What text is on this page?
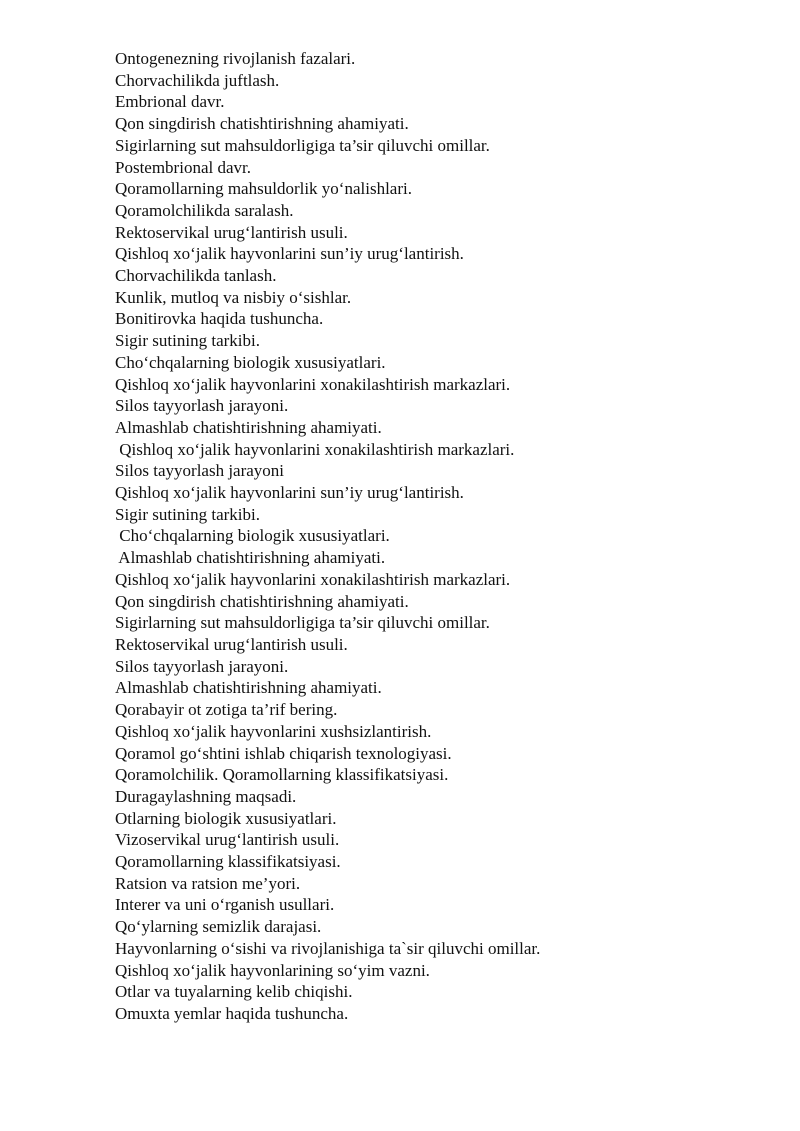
Ontogenezning rivojlanish fazalari.
Chorvachilikda juftlash.
Embrional davr.
Qon singdirish chatishtirishning ahamiyati.
Sigirlarning sut mahsuldorligiga ta’sir qiluvchi omillar.
Postembrional davr.
Qoramollarning mahsuldorlik yo‘nalishlari.
Qoramolchilikda saralash.
Rektoservikal urug‘lantirish usuli.
Qishloq xo‘jalik hayvonlarini sun’iy urug‘lantirish.
Chorvachilikda tanlash.
Kunlik, mutloq va nisbiy o‘sishlar.
Bonitirovka haqida tushuncha.
Sigir sutining tarkibi.
Cho‘chqalarning biologik xususiyatlari.
Qishloq xo‘jalik hayvonlarini xonakilashtirish markazlari.
Silos tayyorlash jarayoni.
Almashlab chatishtirishning ahamiyati.
Qishloq xo‘jalik hayvonlarini xonakilashtirish markazlari.
Silos tayyorlash jarayoni
Qishloq xo‘jalik hayvonlarini sun’iy urug‘lantirish.
Sigir sutining tarkibi.
Cho‘chqalarning biologik xususiyatlari.
Almashlab chatishtirishning ahamiyati.
Qishloq xo‘jalik hayvonlarini xonakilashtirish markazlari.
Qon singdirish chatishtirishning ahamiyati.
Sigirlarning sut mahsuldorligiga ta’sir qiluvchi omillar.
Rektoservikal urug‘lantirish usuli.
Silos tayyorlash jarayoni.
Almashlab chatishtirishning ahamiyati.
Qorabayir ot zotiga ta’rif bering.
Qishloq xo‘jalik hayvonlarini xushsizlantirish.
Qoramol go‘shtini ishlab chiqarish texnologiyasi.
Qoramolchilik. Qoramollarning klassifikatsiyasi.
Duragaylashning maqsadi.
Otlarning biologik xususiyatlari.
Vizoservikal urug‘lantirish usuli.
Qoramollarning klassifikatsiyasi.
Ratsion va ratsion me’yori.
Interer va uni o‘rganish usullari.
Qo‘ylarning semizlik darajasi.
Hayvonlarning o‘sishi va rivojlanishiga ta`sir qiluvchi omillar.
Qishloq xo‘jalik hayvonlarining so‘yim vazni.
Otlar va tuyalarning kelib chiqishi.
Omuxta yemlar haqida tushuncha.
